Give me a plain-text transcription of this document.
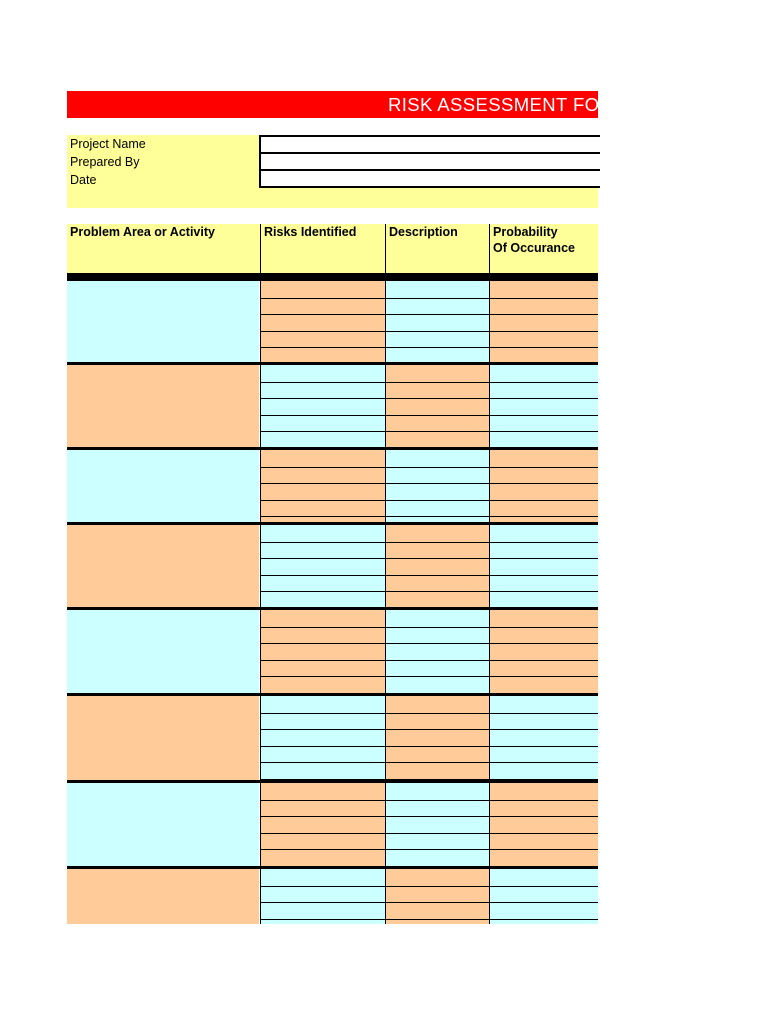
RISK ASSESSMENT FORM
Project Name
Prepared By
Date
Problem Area or Activity	Risks Identified	Description	Probability
Of Occurance
